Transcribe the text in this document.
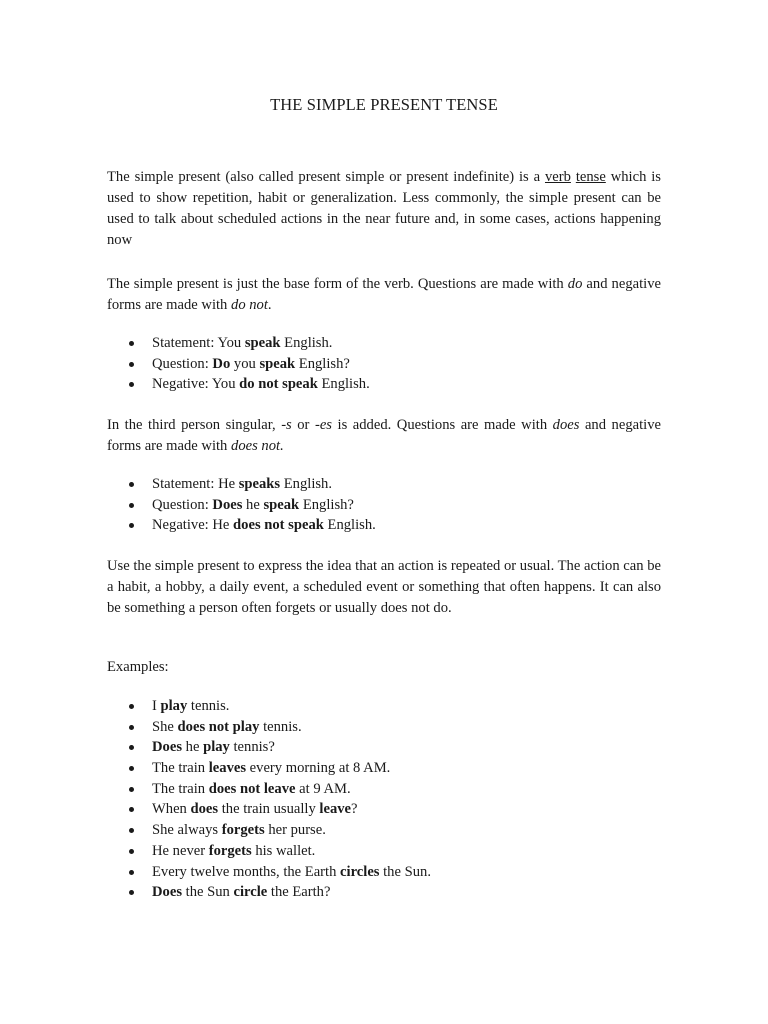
THE SIMPLE PRESENT TENSE

The simple present (also called present simple or present indefinite) is a verb tense which is used to show repetition, habit or generalization. Less commonly, the simple present can be used to talk about scheduled actions in the near future and, in some cases, actions happening now

The simple present is just the base form of the verb. Questions are made with do and negative forms are made with do not.

Statement: You speak English.
Question: Do you speak English?
Negative: You do not speak English.

In the third person singular, -s or -es is added. Questions are made with does and negative forms are made with does not.

Statement: He speaks English.
Question: Does he speak English?
Negative: He does not speak English.

Use the simple present to express the idea that an action is repeated or usual. The action can be a habit, a hobby, a daily event, a scheduled event or something that often happens. It can also be something a person often forgets or usually does not do.

Examples:

I play tennis.
She does not play tennis.
Does he play tennis?
The train leaves every morning at 8 AM.
The train does not leave at 9 AM.
When does the train usually leave?
She always forgets her purse.
He never forgets his wallet.
Every twelve months, the Earth circles the Sun.
Does the Sun circle the Earth?
